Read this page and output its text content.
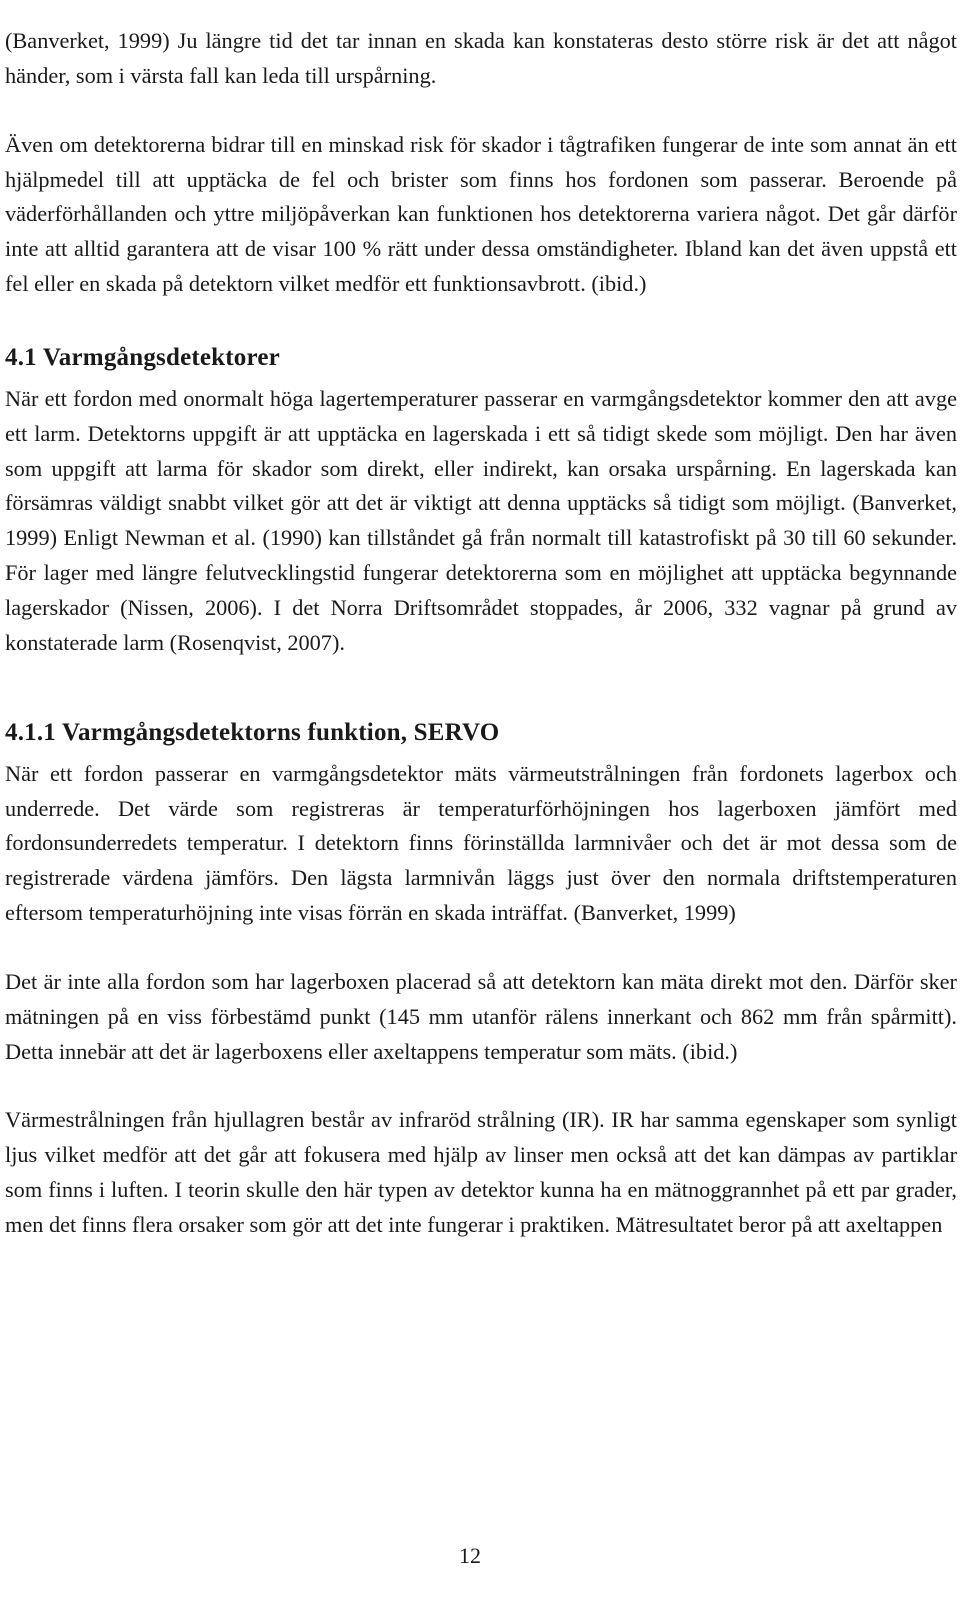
(Banverket, 1999) Ju längre tid det tar innan en skada kan konstateras desto större risk är det att något händer, som i värsta fall kan leda till urspårning.

Även om detektorerna bidrar till en minskad risk för skador i tågtrafiken fungerar de inte som annat än ett hjälpmedel till att upptäcka de fel och brister som finns hos fordonen som passerar. Beroende på väderförhållanden och yttre miljöpåverkan kan funktionen hos detektorerna variera något. Det går därför inte att alltid garantera att de visar 100 % rätt under dessa omständigheter. Ibland kan det även uppstå ett fel eller en skada på detektorn vilket medför ett funktionsavbrott. (ibid.)

4.1 Varmgångsdetektorer

När ett fordon med onormalt höga lagertemperaturer passerar en varmgångsdetektor kommer den att avge ett larm. Detektorns uppgift är att upptäcka en lagerskada i ett så tidigt skede som möjligt. Den har även som uppgift att larma för skador som direkt, eller indirekt, kan orsaka urspårning. En lagerskada kan försämras väldigt snabbt vilket gör att det är viktigt att denna upptäcks så tidigt som möjligt. (Banverket, 1999) Enligt Newman et al. (1990) kan tillståndet gå från normalt till katastrofiskt på 30 till 60 sekunder. För lager med längre felutvecklingstid fungerar detektorerna som en möjlighet att upptäcka begynnande lagerskador (Nissen, 2006). I det Norra Driftsområdet stoppades, år 2006, 332 vagnar på grund av konstaterade larm (Rosenqvist, 2007).

4.1.1 Varmgångsdetektorns funktion, SERVO

När ett fordon passerar en varmgångsdetektor mäts värmeutstrålningen från fordonets lagerbox och underrede. Det värde som registreras är temperaturförhöjningen hos lagerboxen jämfört med fordonsunderredets temperatur. I detektorn finns förinställda larmnivåer och det är mot dessa som de registrerade värdena jämförs. Den lägsta larmnivån läggs just över den normala driftstemperaturen eftersom temperaturhöjning inte visas förrän en skada inträffat. (Banverket, 1999)

Det är inte alla fordon som har lagerboxen placerad så att detektorn kan mäta direkt mot den. Därför sker mätningen på en viss förbestämd punkt (145 mm utanför rälens innerkant och 862 mm från spårmitt). Detta innebär att det är lagerboxens eller axeltappens temperatur som mäts. (ibid.)

Värmestrålningen från hjullagren består av infraröd strålning (IR). IR har samma egenskaper som synligt ljus vilket medför att det går att fokusera med hjälp av linser men också att det kan dämpas av partiklar som finns i luften. I teorin skulle den här typen av detektor kunna ha en mätnoggrannhet på ett par grader, men det finns flera orsaker som gör att det inte fungerar i praktiken. Mätresultatet beror på att axeltappen

12
